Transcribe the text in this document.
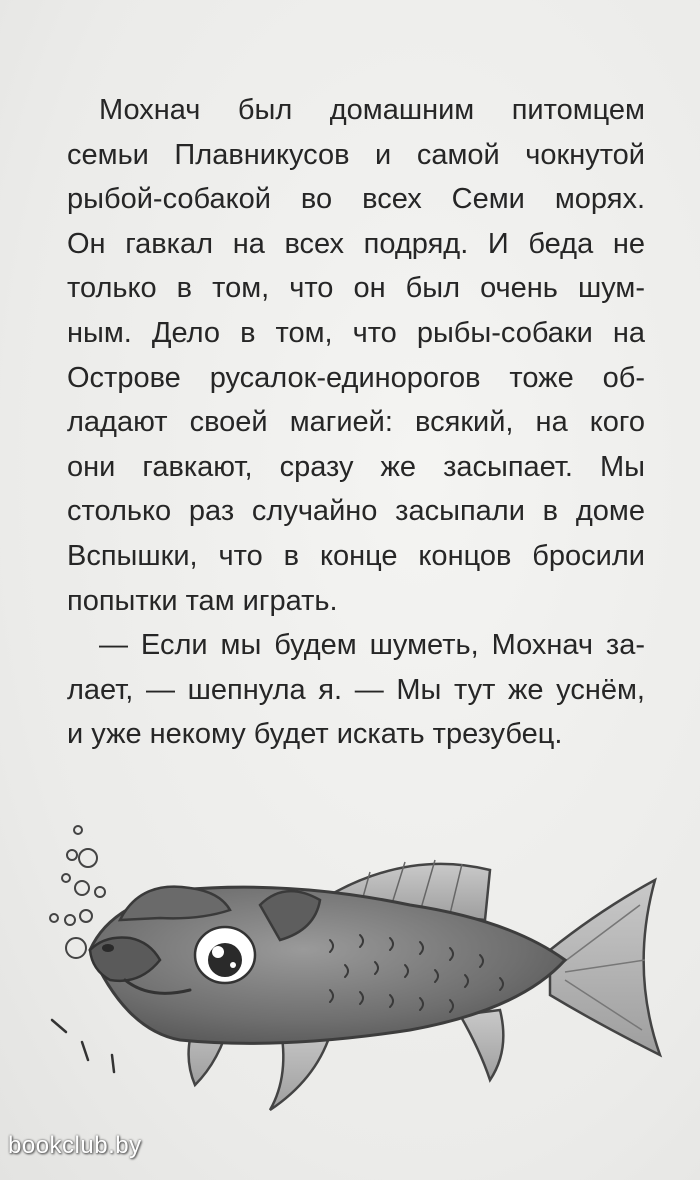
Мохнач был домашним питомцем
семьи Плавникусов и самой чокнутой
рыбой-собакой во всех Семи морях.
Он гавкал на всех подряд. И беда не
только в том, что он был очень шум-
ным. Дело в том, что рыбы-собаки на
Острове русалок-единорогов тоже об-
ладают своей магией: всякий, на кого
они гавкают, сразу же засыпает. Мы
столько раз случайно засыпали в доме
Вспышки, что в конце концов бросили
попытки там играть.
— Если мы будем шуметь, Мохнач за-
лает, — шепнула я. — Мы тут же уснём,
и уже некому будет искать трезубец.
bookclub.by
